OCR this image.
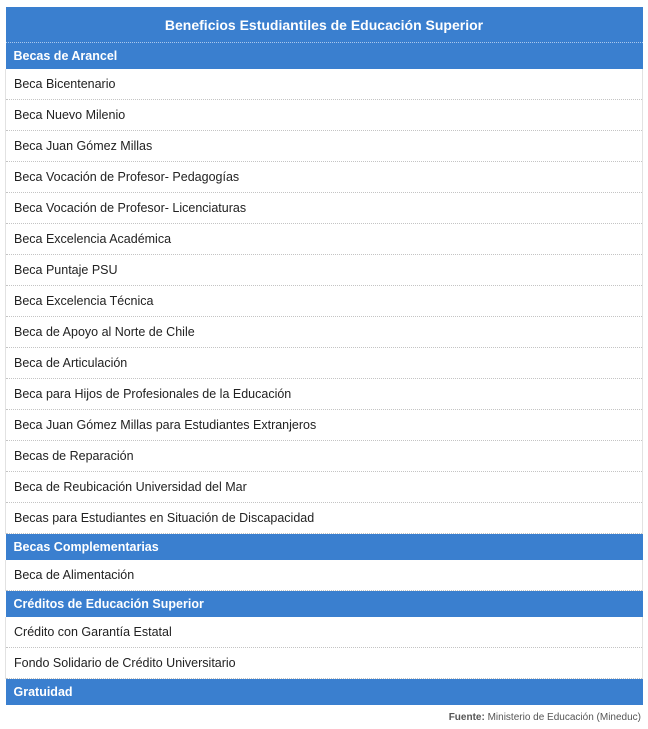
Beneficios Estudiantiles de Educación Superior
Becas de Arancel
Beca Bicentenario
Beca Nuevo Milenio
Beca Juan Gómez Millas
Beca Vocación de Profesor- Pedagogías
Beca Vocación de Profesor- Licenciaturas
Beca Excelencia Académica
Beca Puntaje PSU
Beca Excelencia Técnica
Beca de Apoyo al Norte de Chile
Beca de Articulación
Beca para Hijos de Profesionales de la Educación
Beca Juan Gómez Millas para Estudiantes Extranjeros
Becas de Reparación
Beca de Reubicación Universidad del Mar
Becas para Estudiantes en Situación de Discapacidad
Becas Complementarias
Beca de Alimentación
Créditos de Educación Superior
Crédito con Garantía Estatal
Fondo Solidario de Crédito Universitario
Gratuidad
Fuente: Ministerio de Educación (Mineduc)
